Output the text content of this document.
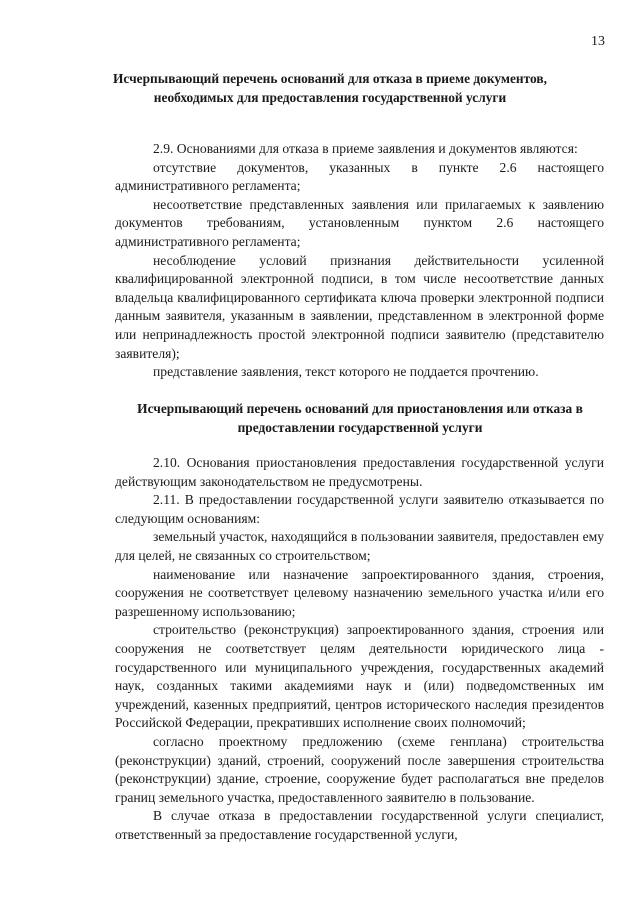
13
Исчерпывающий перечень оснований для отказа в приеме документов, необходимых для предоставления государственной услуги

2.9. Основаниями для отказа в приеме заявления и документов являются:

отсутствие документов, указанных в пункте 2.6 настоящего административного регламента;

несоответствие представленных заявления или прилагаемых к заявлению документов требованиям, установленным пунктом 2.6 настоящего административного регламента;

несоблюдение условий признания действительности усиленной квалифицированной электронной подписи, в том числе несоответствие данных владельца квалифицированного сертификата ключа проверки электронной подписи данным заявителя, указанным в заявлении, представленном в электронной форме или непринадлежность простой электронной подписи заявителю (представителю заявителя);

представление заявления, текст которого не поддается прочтению.

Исчерпывающий перечень оснований для приостановления или отказа в предоставлении государственной услуги

2.10. Основания приостановления предоставления государственной услуги действующим законодательством не предусмотрены.

2.11. В предоставлении государственной услуги заявителю отказывается по следующим основаниям:

земельный участок, находящийся в пользовании заявителя, предоставлен ему для целей, не связанных со строительством;

наименование или назначение запроектированного здания, строения, сооружения не соответствует целевому назначению земельного участка и/или его разрешенному использованию;

строительство (реконструкция) запроектированного здания, строения или сооружения не соответствует целям деятельности юридического лица - государственного или муниципального учреждения, государственных академий наук, созданных такими академиями наук и (или) подведомственных им учреждений, казенных предприятий, центров исторического наследия президентов Российской Федерации, прекративших исполнение своих полномочий;

согласно проектному предложению (схеме генплана) строительства (реконструкции) зданий, строений, сооружений после завершения строительства (реконструкции) здание, строение, сооружение будет располагаться вне пределов границ земельного участка, предоставленного заявителю в пользование.

В случае отказа в предоставлении государственной услуги специалист, ответственный за предоставление государственной услуги,
